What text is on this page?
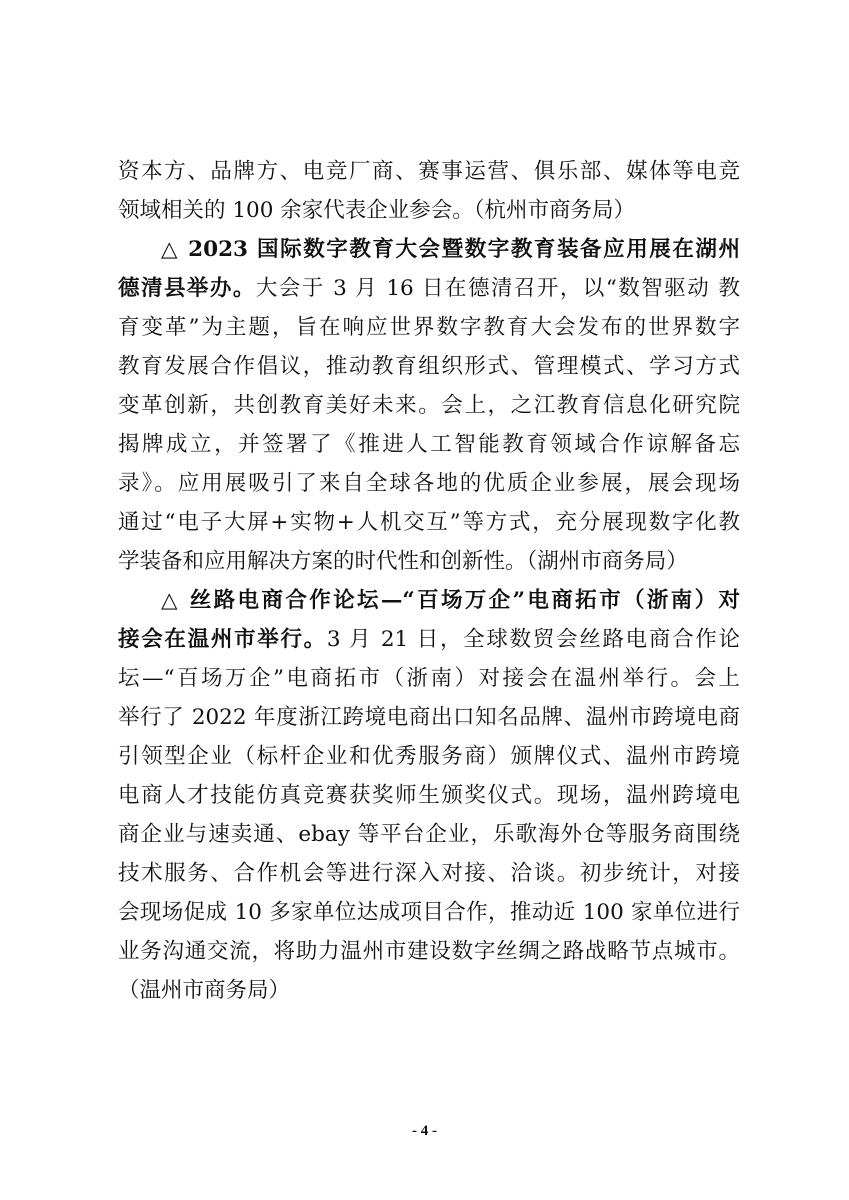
资本方、品牌方、电竞厂商、赛事运营、俱乐部、媒体等电竞
领域相关的 100 余家代表企业参会。（杭州市商务局）
△ 2023 国际数字教育大会暨数字教育装备应用展在湖州
德清县举办。大会于 3 月 16 日在德清召开，以“数智驱动 教
育变革”为主题，旨在响应世界数字教育大会发布的世界数字
教育发展合作倡议，推动教育组织形式、管理模式、学习方式
变革创新，共创教育美好未来。会上，之江教育信息化研究院
揭牌成立，并签署了《推进人工智能教育领域合作谅解备忘
录》。应用展吸引了来自全球各地的优质企业参展，展会现场
通过“电子大屏+实物+人机交互”等方式，充分展现数字化教
学装备和应用解决方案的时代性和创新性。（湖州市商务局）
△ 丝路电商合作论坛—“百场万企”电商拓市（浙南）对
接会在温州市举行。3 月 21 日，全球数贸会丝路电商合作论
坛—“百场万企”电商拓市（浙南）对接会在温州举行。会上
举行了 2022 年度浙江跨境电商出口知名品牌、温州市跨境电商
引领型企业（标杆企业和优秀服务商）颁牌仪式、温州市跨境
电商人才技能仿真竞赛获奖师生颁奖仪式。现场，温州跨境电
商企业与速卖通、ebay 等平台企业，乐歌海外仓等服务商围绕
技术服务、合作机会等进行深入对接、洽谈。初步统计，对接
会现场促成 10 多家单位达成项目合作，推动近 100 家单位进行
业务沟通交流，将助力温州市建设数字丝绸之路战略节点城市。
（温州市商务局）
- 4 -
